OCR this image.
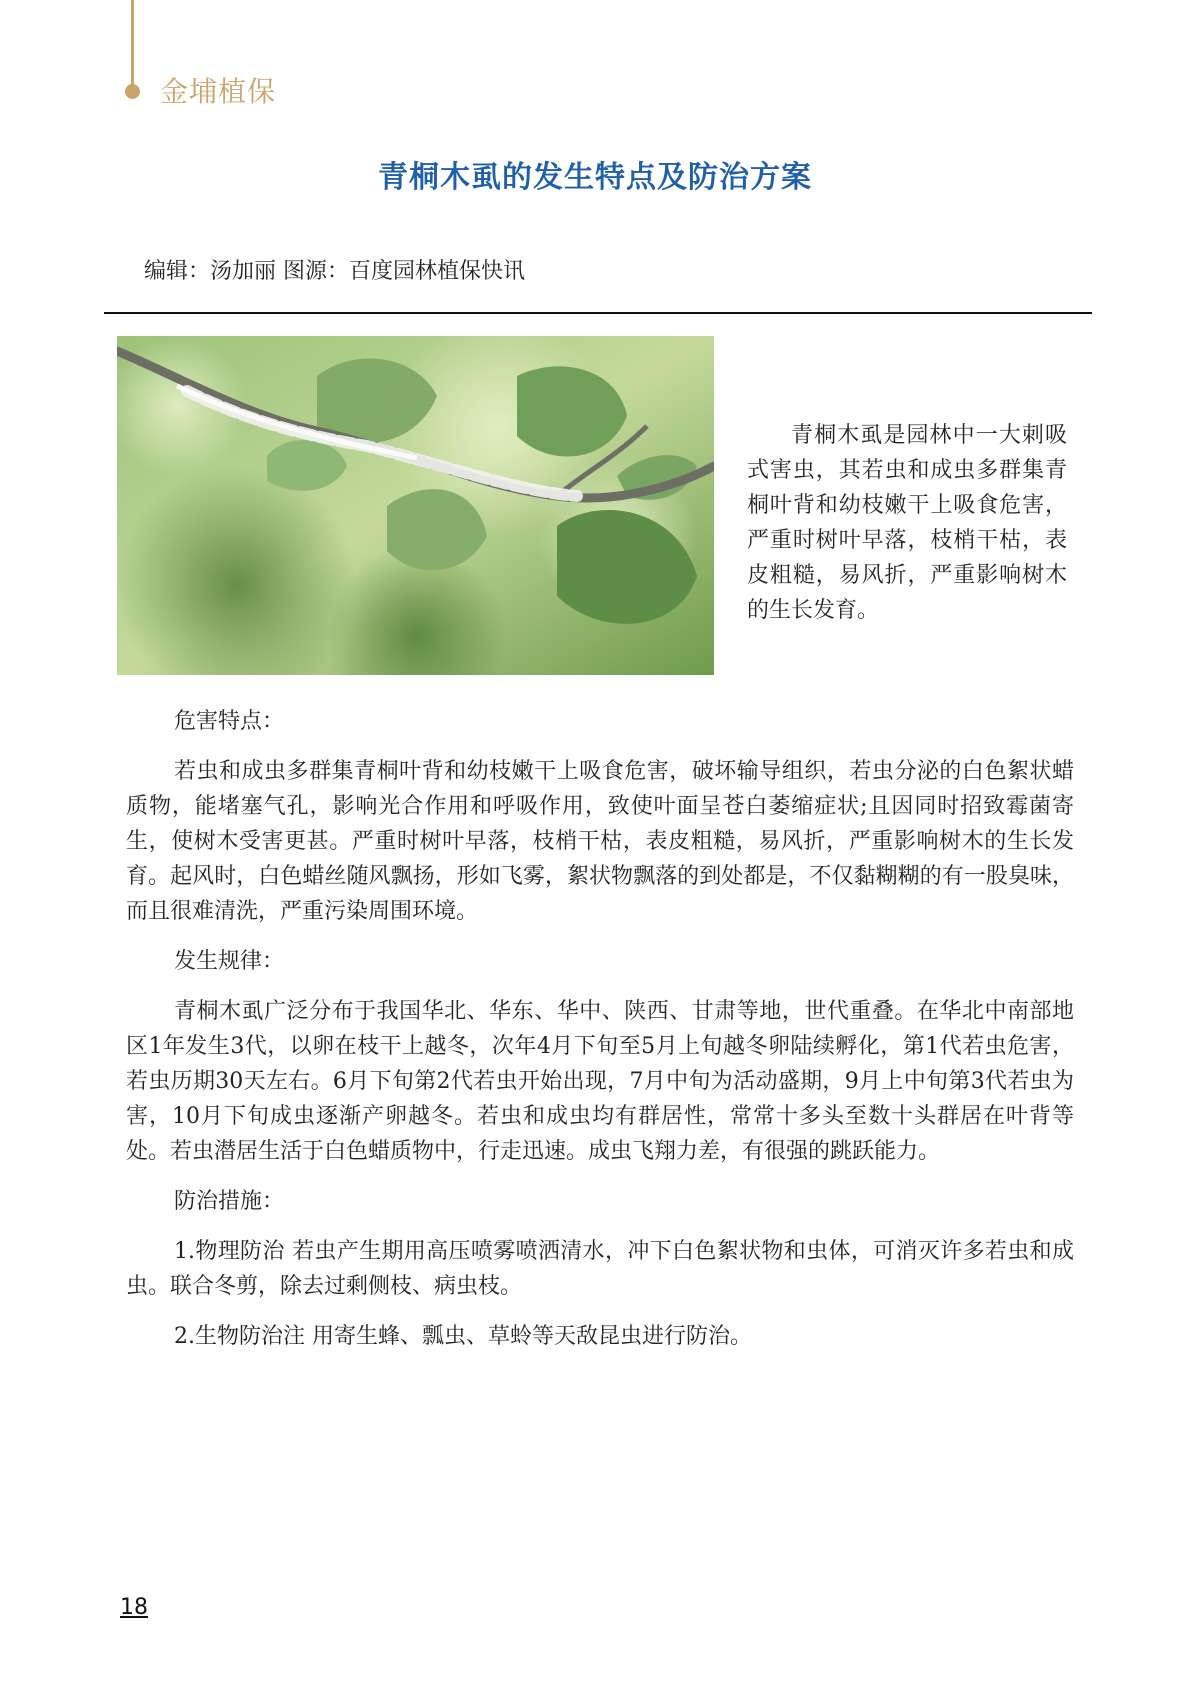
金埔植保
青桐木虱的发生特点及防治方案
编辑：汤加丽 图源：百度园林植保快讯

青桐木虱是园林中一大刺吸式害虫，其若虫和成虫多群集青桐叶背和幼枝嫩干上吸食危害，严重时树叶早落，枝梢干枯，表皮粗糙，易风折，严重影响树木的生长发育。

危害特点：

若虫和成虫多群集青桐叶背和幼枝嫩干上吸食危害，破坏输导组织，若虫分泌的白色絮状蜡质物，能堵塞气孔，影响光合作用和呼吸作用，致使叶面呈苍白萎缩症状;且因同时招致霉菌寄生，使树木受害更甚。严重时树叶早落，枝梢干枯，表皮粗糙，易风折，严重影响树木的生长发育。起风时，白色蜡丝随风飘扬，形如飞雾，絮状物飘落的到处都是，不仅黏糊糊的有一股臭味，而且很难清洗，严重污染周围环境。

发生规律：

青桐木虱广泛分布于我国华北、华东、华中、陕西、甘肃等地，世代重叠。在华北中南部地区1年发生3代，以卵在枝干上越冬，次年4月下旬至5月上旬越冬卵陆续孵化，第1代若虫危害，若虫历期30天左右。6月下旬第2代若虫开始出现，7月中旬为活动盛期，9月上中旬第3代若虫为害，10月下旬成虫逐渐产卵越冬。若虫和成虫均有群居性，常常十多头至数十头群居在叶背等处。若虫潜居生活于白色蜡质物中，行走迅速。成虫飞翔力差，有很强的跳跃能力。

防治措施：

1.物理防治 若虫产生期用高压喷雾喷洒清水，冲下白色絮状物和虫体，可消灭许多若虫和成虫。联合冬剪，除去过剩侧枝、病虫枝。

2.生物防治注 用寄生蜂、瓢虫、草蛉等天敌昆虫进行防治。

18
